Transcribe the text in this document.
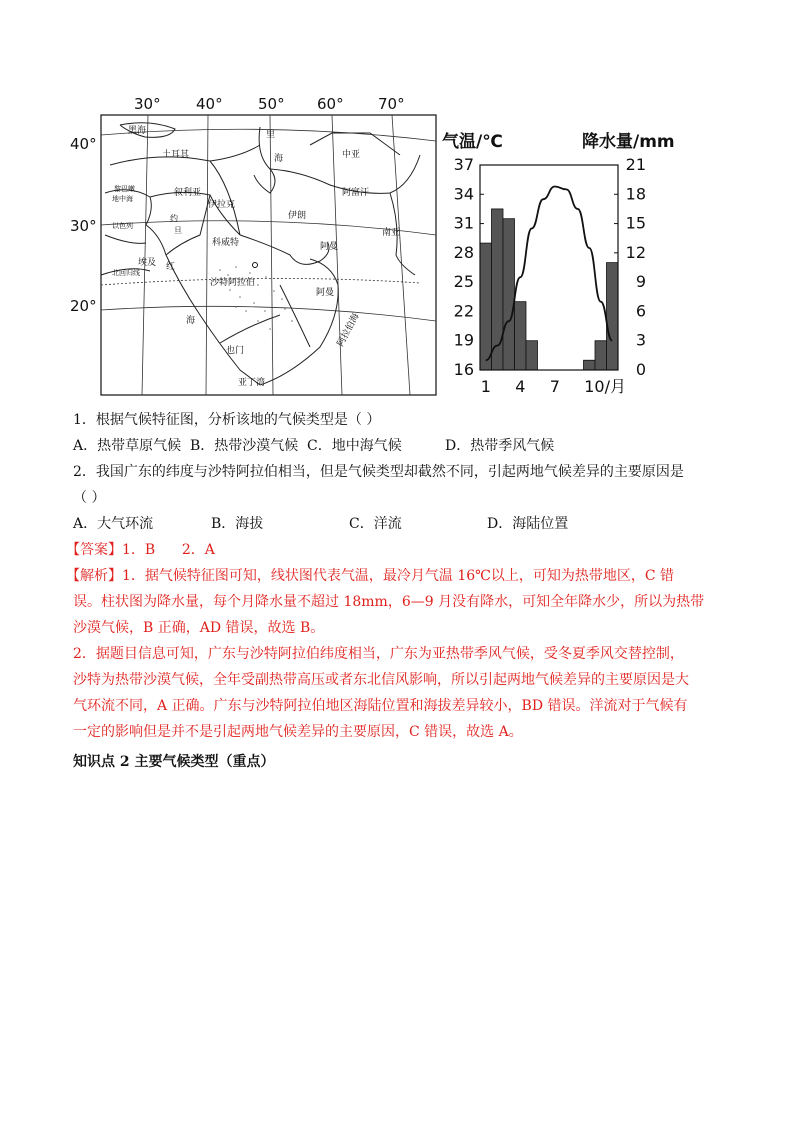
30° 40° 50° 60° 70°
40°
30°
20°
黑海
土耳其
里
海	中亚
叙利亚
伊拉克
黎巴嫩
地中海
以色列
约
旦
伊朗
阿富汗
科威特	阿曼
南亚
埃及 红
海
北回归线
沙特阿拉伯
阿曼
也门
阿拉伯海
亚丁湾
气温/℃	降水量/mm
37
34
31
28
25
22
19
16
21
18
15
12
9
6
3
0
1 4 7 10/月
1．根据气候特征图，分析该地的气候类型是（ ）
A．热带草原气候 B．热带沙漠气候 C．地中海气候	D．热带季风气候
2．我国广东的纬度与沙特阿拉伯相当，但是气候类型却截然不同，引起两地气候差异的主要原因是
（ ）
A．大气环流	B．海拔	C．洋流	D．海陆位置
【答案】1．B      2．A
【解析】1．据气候特征图可知，线状图代表气温，最冷月气温 16℃以上，可知为热带地区，C 错
误。柱状图为降水量，每个月降水量不超过 18mm，6—9 月没有降水，可知全年降水少，所以为热带
沙漠气候，B 正确，AD 错误，故选 B。
2．据题目信息可知，广东与沙特阿拉伯纬度相当，广东为亚热带季风气候，受冬夏季风交替控制，
沙特为热带沙漠气候，全年受副热带高压或者东北信风影响，所以引起两地气候差异的主要原因是大
气环流不同，A 正确。广东与沙特阿拉伯地区海陆位置和海拔差异较小，BD 错误。洋流对于气候有
一定的影响但是并不是引起两地气候差异的主要原因，C 错误，故选 A。
知识点 2 主要气候类型（重点）
